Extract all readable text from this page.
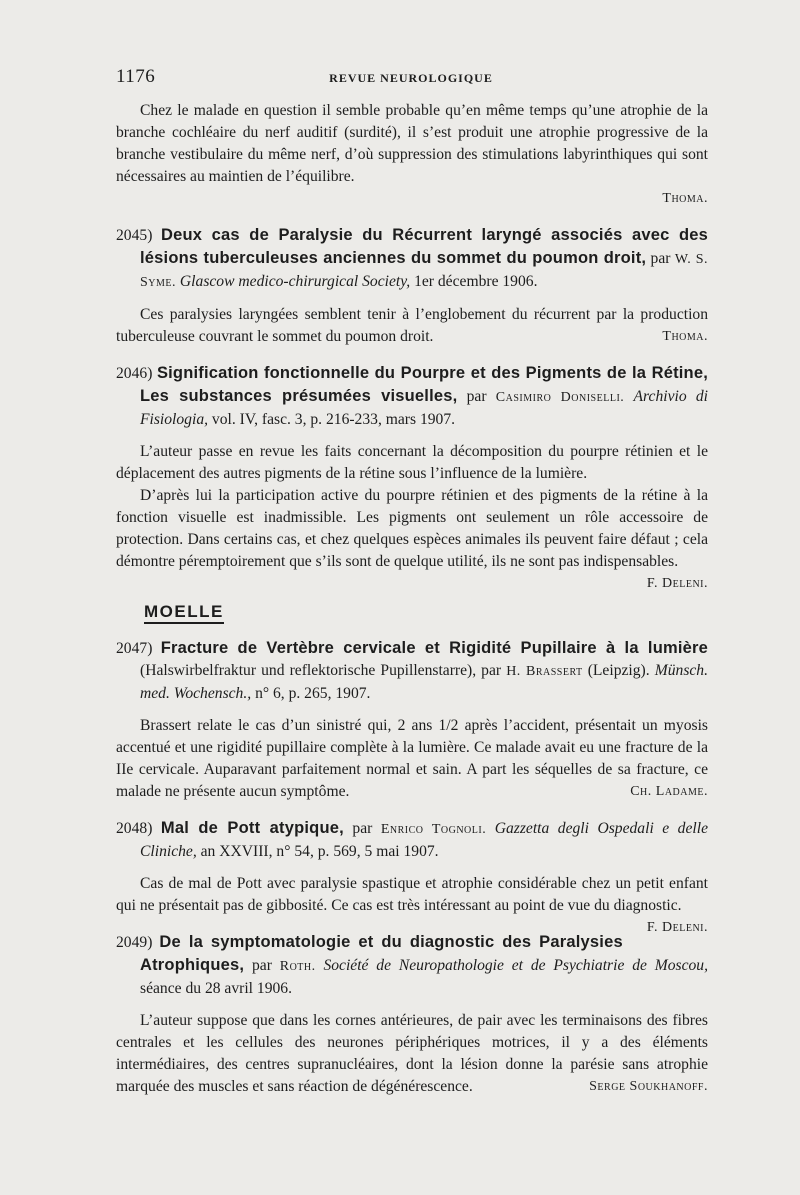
1176	REVUE NEUROLOGIQUE

Chez le malade en question il semble probable qu’en même temps qu’une atrophie de la branche cochléaire du nerf auditif (surdité), il s’est produit une atrophie progressive de la branche vestibulaire du même nerf, d’où suppression des stimulations labyrinthiques qui sont nécessaires au maintien de l’équilibre.

Thoma.

2045) Deux cas de Paralysie du Récurrent laryngé associés avec des lésions tuberculeuses anciennes du sommet du poumon droit, par W. S. Syme. Glascow medico-chirurgical Society, 1er décembre 1906.

Ces paralysies laryngées semblent tenir à l’englobement du récurrent par la production tuberculeuse couvrant le sommet du poumon droit.	Thoma.

2046) Signification fonctionnelle du Pourpre et des Pigments de la Rétine, Les substances présumées visuelles, par Casimiro Doniselli. Archivio di Fisiologia, vol. IV, fasc. 3, p. 216-233, mars 1907.

L’auteur passe en revue les faits concernant la décomposition du pourpre rétinien et le déplacement des autres pigments de la rétine sous l’influence de la lumière.

D’après lui la participation active du pourpre rétinien et des pigments de la rétine à la fonction visuelle est inadmissible. Les pigments ont seulement un rôle accessoire de protection. Dans certains cas, et chez quelques espèces animales ils peuvent faire défaut ; cela démontre péremptoirement que s’ils sont de quelque utilité, ils ne sont pas indispensables.
F. Deleni.

MOELLE

2047) Fracture de Vertèbre cervicale et Rigidité Pupillaire à la lumière (Halswirbelfraktur und reflektorische Pupillenstarre), par H. Brassert (Leipzig). Münsch. med. Wochensch., n° 6, p. 265, 1907.

Brassert relate le cas d’un sinistré qui, 2 ans 1/2 après l’accident, présentait un myosis accentué et une rigidité pupillaire complète à la lumière. Ce malade avait eu une fracture de la IIe cervicale. Auparavant parfaitement normal et sain. A part les séquelles de sa fracture, ce malade ne présente aucun symptôme.	Ch. Ladame.

2048) Mal de Pott atypique, par Enrico Tognoli. Gazzetta degli Ospedali e delle Cliniche, an XXVIII, n° 54, p. 569, 5 mai 1907.

Cas de mal de Pott avec paralysie spastique et atrophie considérable chez un petit enfant qui ne présentait pas de gibbosité. Ce cas est très intéressant au point de vue du diagnostic.
F. Deleni.

2049) De la symptomatologie et du diagnostic des Paralysies Atrophiques, par Roth. Société de Neuropathologie et de Psychiatrie de Moscou, séance du 28 avril 1906.

L’auteur suppose que dans les cornes antérieures, de pair avec les terminaisons des fibres centrales et les cellules des neurones périphériques motrices, il y a des éléments intermédiaires, des centres supranucléaires, dont la lésion donne la parésie sans atrophie marquée des muscles et sans réaction de dégénérescence.	Serge Soukhanoff.
